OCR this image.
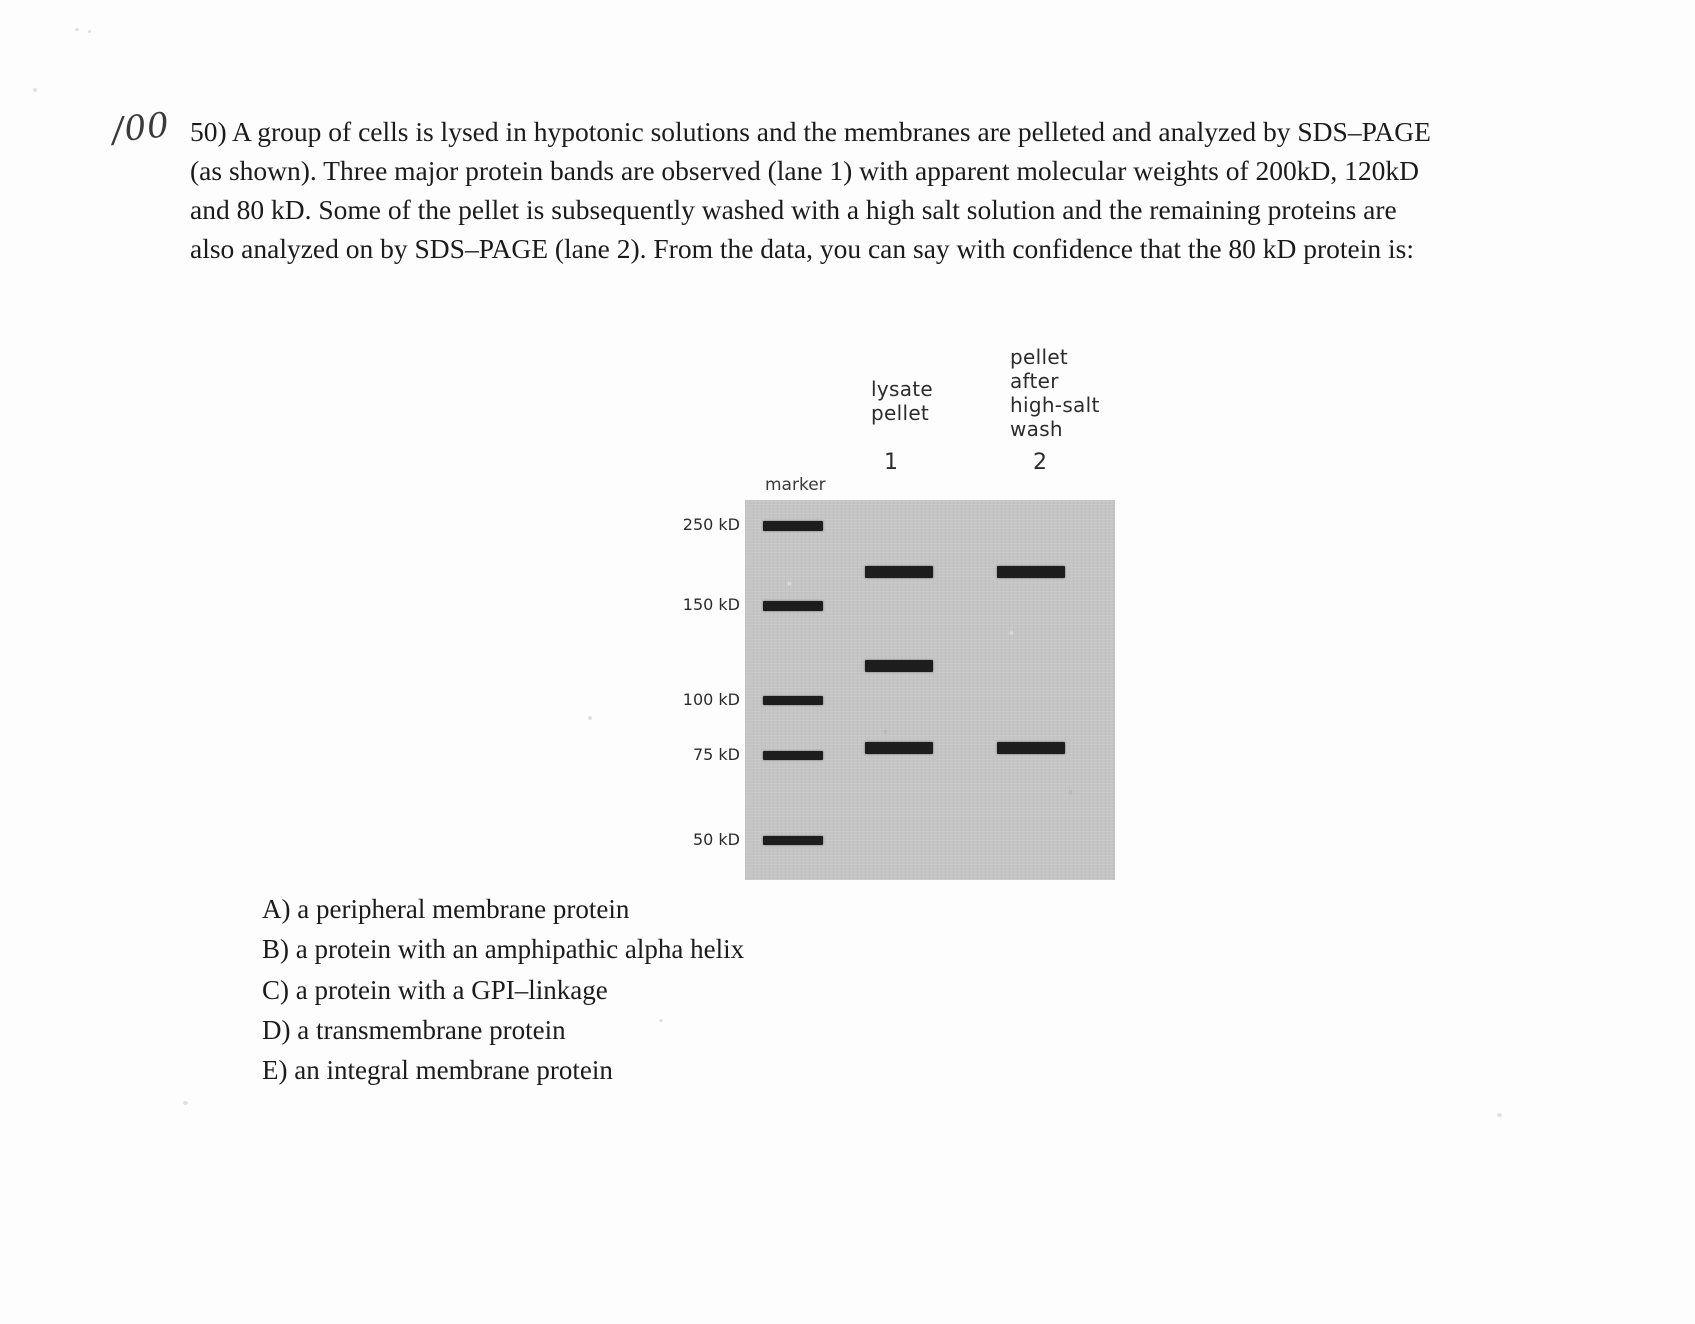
/00 50) A group of cells is lysed in hypotonic solutions and the membranes are pelleted and analyzed by SDS–PAGE (as shown). Three major protein bands are observed (lane 1) with apparent molecular weights of 200kD, 120kD and 80 kD. Some of the pellet is subsequently washed with a high salt solution and the remaining proteins are also analyzed on by SDS–PAGE (lane 2). From the data, you can say with confidence that the 80 kD protein is:
lysate
pellet
pellet
after
high-salt
wash
1	2
marker
250 kD
150 kD
100 kD
75 kD
50 kD
A) a peripheral membrane protein
B) a protein with an amphipathic alpha helix
C) a protein with a GPI–linkage
D) a transmembrane protein
E) an integral membrane protein
